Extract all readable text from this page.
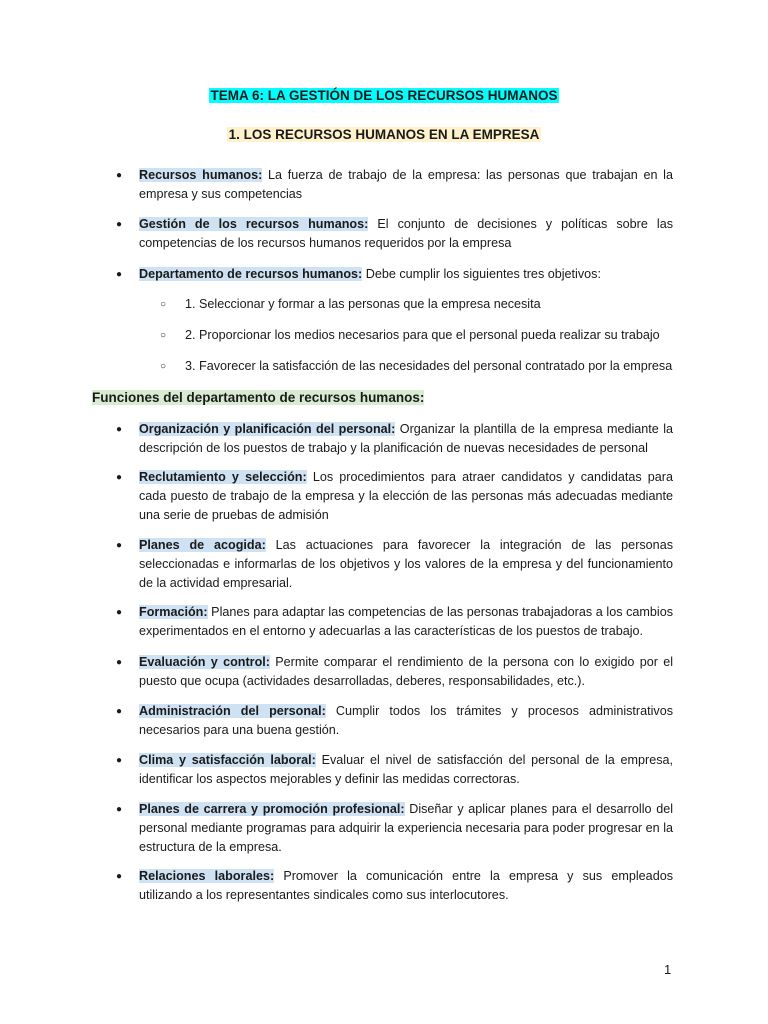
TEMA 6: LA GESTIÓN DE LOS RECURSOS HUMANOS
1. LOS RECURSOS HUMANOS EN LA EMPRESA
● Recursos humanos: La fuerza de trabajo de la empresa: las personas que trabajan en la empresa y sus competencias
● Gestión de los recursos humanos: El conjunto de decisiones y políticas sobre las competencias de los recursos humanos requeridos por la empresa
● Departamento de recursos humanos: Debe cumplir los siguientes tres objetivos:
○ 1. Seleccionar y formar a las personas que la empresa necesita
○ 2. Proporcionar los medios necesarios para que el personal pueda realizar su trabajo
○ 3. Favorecer la satisfacción de las necesidades del personal contratado por la empresa
Funciones del departamento de recursos humanos:
● Organización y planificación del personal: Organizar la plantilla de la empresa mediante la descripción de los puestos de trabajo y la planificación de nuevas necesidades de personal
● Reclutamiento y selección: Los procedimientos para atraer candidatos y candidatas para cada puesto de trabajo de la empresa y la elección de las personas más adecuadas mediante una serie de pruebas de admisión
● Planes de acogida: Las actuaciones para favorecer la integración de las personas seleccionadas e informarlas de los objetivos y los valores de la empresa y del funcionamiento de la actividad empresarial.
● Formación: Planes para adaptar las competencias de las personas trabajadoras a los cambios experimentados en el entorno y adecuarlas a las características de los puestos de trabajo.
● Evaluación y control: Permite comparar el rendimiento de la persona con lo exigido por el puesto que ocupa (actividades desarrolladas, deberes, responsabilidades, etc.).
● Administración del personal: Cumplir todos los trámites y procesos administrativos necesarios para una buena gestión.
● Clima y satisfacción laboral: Evaluar el nivel de satisfacción del personal de la empresa, identificar los aspectos mejorables y definir las medidas correctoras.
● Planes de carrera y promoción profesional: Diseñar y aplicar planes para el desarrollo del personal mediante programas para adquirir la experiencia necesaria para poder progresar en la estructura de la empresa.
● Relaciones laborales: Promover la comunicación entre la empresa y sus empleados utilizando a los representantes sindicales como sus interlocutores.
1
